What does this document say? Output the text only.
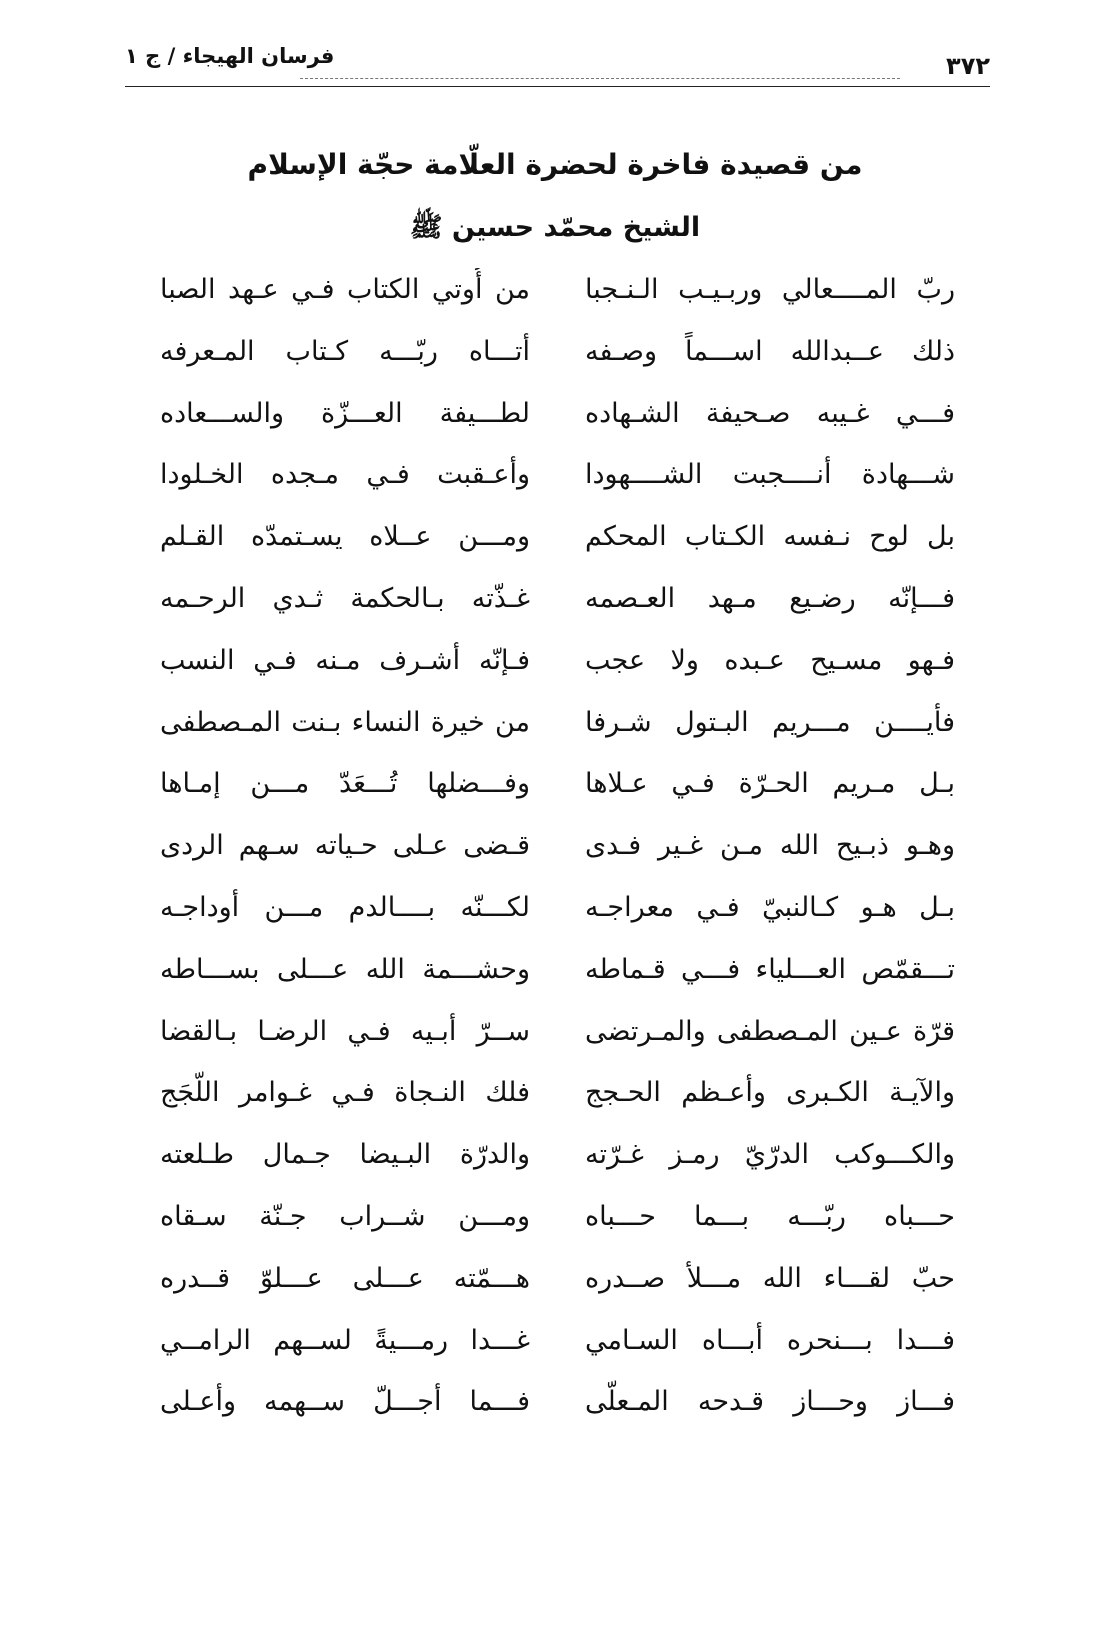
٣٧٢
فرسان الهيجاء / ج ١
من قصيدة فاخرة لحضرة العلّامة حجّة الإسلام
الشيخ محمّد حسين ﷺ
ربّ المــــعالي وربـيـب الـنـجبا
من أُوتي الكتاب فـي عـهد الصبا
ذلك عــبدالله اســـماً وصـفه
أتـــاه ربّـــه كـتاب المـعرفه
فـــي غـيبه صـحيفة الشـهاده
لطـــيفة العـــزّة والســـعاده
شـــهادة أنــــجبت الشــــهودا
وأعـقبت فـي مـجده الخـلودا
بل لوح نـفسه الكـتاب المحكم
ومـــن عــلاه يسـتمدّه القـلم
فـــإنّه رضـيع مـهد العـصمه
غـذّته بـالحكمة ثـدي الرحـمه
فـهو مسـيح عـبده ولا عجب
فـإنّه أشـرف مـنه فـي النسب
فأيــــن مـــريم البـتول شـرفا
من خيرة النساء بـنت المـصطفى
بـل مـريم الحـرّة فـي عـلاها
وفـــضلها تُـــعَدّ مـــن إمـاها
وهـو ذبـيح الله مـن غـير فـدى
قـضى عـلى حـياته سـهم الردى
بـل هـو كـالنبيّ فـي معراجـه
لكـــنّه بــــالدم مـــن أوداجـه
تـــقمّص العـــلياء فـــي قـماطه
وحشـــمة الله عـــلى بســـاطه
قرّة عـين المـصطفى والمـرتضى
ســرّ أبـيه فـي الرضـا بـالقضا
والآيـة الكـبرى وأعـظم الحـجج
فلك النـجاة فـي غـوامر اللُّجَج
والكـــوكب الدرّيّ رمـز غـرّته
والدرّة البـيضا جـمال طـلعته
حـــباه ربّـــه بـــما حـــباه
ومـــن شــراب جـنّة سـقاه
حبّ لقـــاء الله مـــلأ صــدره
هـــمّته عـــلى عـــلوّ قــدره
فـــدا بـــنحره أبـــاه السـامي
غـــدا رمـــيةً لســهم الرامــي
فـــاز وحـــاز قـدحه المـعلّى
فـــما أجـــلّ ســهمه وأعـلى
